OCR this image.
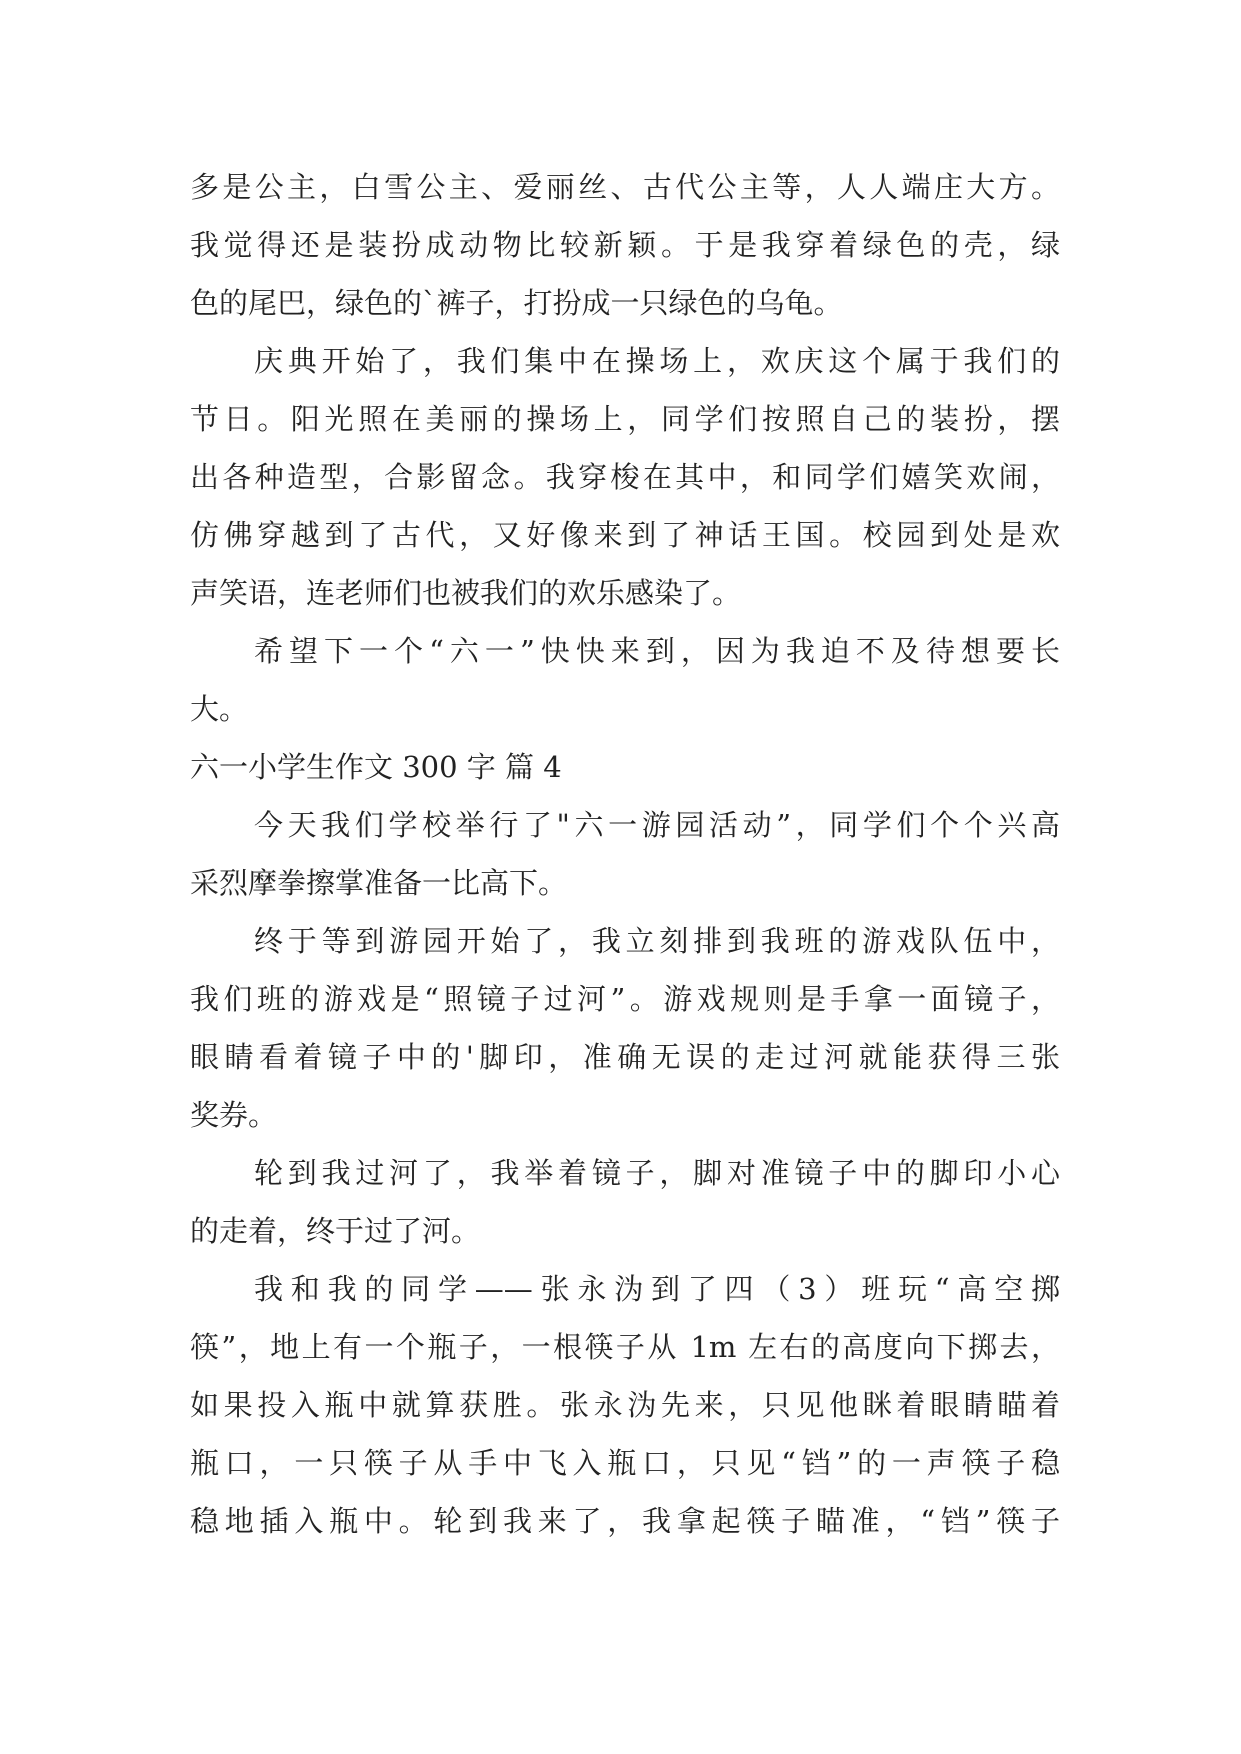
多是公主，白雪公主、爱丽丝、古代公主等，人人端庄大方。
我觉得还是装扮成动物比较新颖。于是我穿着绿色的壳，绿
色的尾巴，绿色的`裤子，打扮成一只绿色的乌龟。
庆典开始了，我们集中在操场上，欢庆这个属于我们的
节日。阳光照在美丽的操场上，同学们按照自己的装扮，摆
出各种造型，合影留念。我穿梭在其中，和同学们嬉笑欢闹，
仿佛穿越到了古代，又好像来到了神话王国。校园到处是欢
声笑语，连老师们也被我们的欢乐感染了。
希望下一个“六一”快快来到，因为我迫不及待想要长
大。
六一小学生作文 300 字 篇 4
今天我们学校举行了"六一游园活动”，同学们个个兴高
采烈摩拳擦掌准备一比高下。
终于等到游园开始了，我立刻排到我班的游戏队伍中，
我们班的游戏是“照镜子过河”。游戏规则是手拿一面镜子，
眼睛看着镜子中的'脚印，准确无误的走过河就能获得三张
奖券。
轮到我过河了，我举着镜子，脚对准镜子中的脚印小心
的走着，终于过了河。
我和我的同学——张永沩到了四（3）班玩“高空掷
筷”，地上有一个瓶子，一根筷子从 1m 左右的高度向下掷去，
如果投入瓶中就算获胜。张永沩先来，只见他眯着眼睛瞄着
瓶口，一只筷子从手中飞入瓶口，只见“铛”的一声筷子稳
稳地插入瓶中。轮到我来了，我拿起筷子瞄准，“铛”筷子
